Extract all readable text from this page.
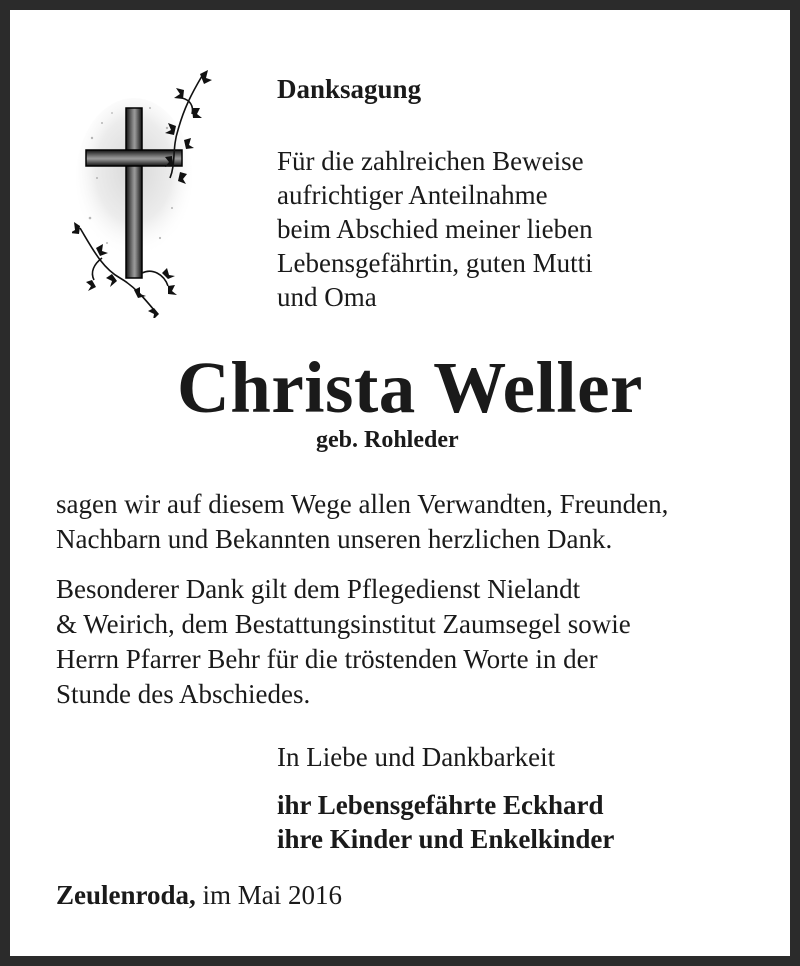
Danksagung

Für die zahlreichen Beweise
aufrichtiger Anteilnahme
beim Abschied meiner lieben
Lebensgefährtin, guten Mutti
und Oma

Christa Weller

geb. Rohleder

sagen wir auf diesem Wege allen Verwandten, Freunden,
Nachbarn und Bekannten unseren herzlichen Dank.
Besonderer Dank gilt dem Pflegedienst Nielandt
& Weirich, dem Bestattungsinstitut Zaumsegel sowie
Herrn Pfarrer Behr für die tröstenden Worte in der
Stunde des Abschiedes.

In Liebe und Dankbarkeit

ihr Lebensgefährte Eckhard
ihre Kinder und Enkelkinder

Zeulenroda, im Mai 2016
